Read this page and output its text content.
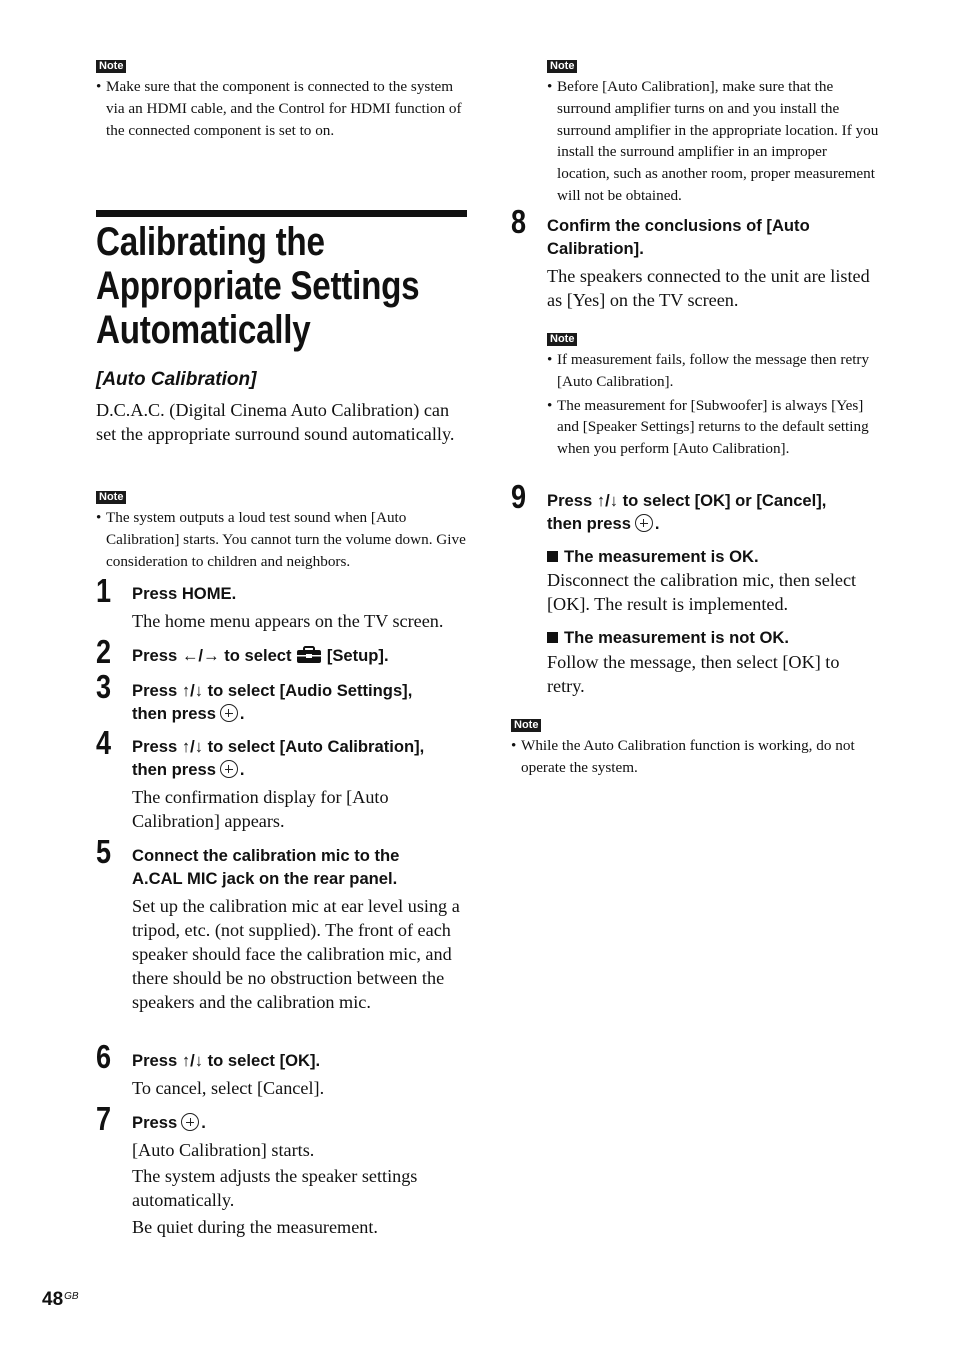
Note
• Make sure that the component is connected to the system via an HDMI cable, and the Control for HDMI function of the connected component is set to on.
Calibrating the
Appropriate Settings
Automatically
[Auto Calibration]
D.C.A.C. (Digital Cinema Auto Calibration) can set the appropriate surround sound automatically.
Note
• The system outputs a loud test sound when [Auto Calibration] starts. You cannot turn the volume down. Give consideration to children and neighbors.
1 Press HOME.
The home menu appears on the TV screen.
2 Press ←/→ to select [Setup].
3 Press ↑/↓ to select [Audio Settings],
then press .
4 Press ↑/↓ to select [Auto Calibration],
then press .
The confirmation display for [Auto Calibration] appears.
5 Connect the calibration mic to the A.CAL MIC jack on the rear panel.
Set up the calibration mic at ear level using a tripod, etc. (not supplied). The front of each speaker should face the calibration mic, and there should be no obstruction between the speakers and the calibration mic.
6 Press ↑/↓ to select [OK].
To cancel, select [Cancel].
7 Press .
[Auto Calibration] starts.
The system adjusts the speaker settings automatically.
Be quiet during the measurement.
$48^{GB}$
Note
• Before [Auto Calibration], make sure that the surround amplifier turns on and you install the surround amplifier in the appropriate location. If you install the surround amplifier in an improper location, such as another room, proper measurement will not be obtained.
8 Confirm the conclusions of [Auto Calibration].
The speakers connected to the unit are listed as [Yes] on the TV screen.
Note
• If measurement fails, follow the message then retry [Auto Calibration].
• The measurement for [Subwoofer] is always [Yes] and [Speaker Settings] returns to the default setting when you perform [Auto Calibration].
9 Press ↑/↓ to select [OK] or [Cancel],
then press .
The measurement is OK.
Disconnect the calibration mic, then select [OK]. The result is implemented.
The measurement is not OK.
Follow the message, then select [OK] to retry.
Note
• While the Auto Calibration function is working, do not operate the system.
